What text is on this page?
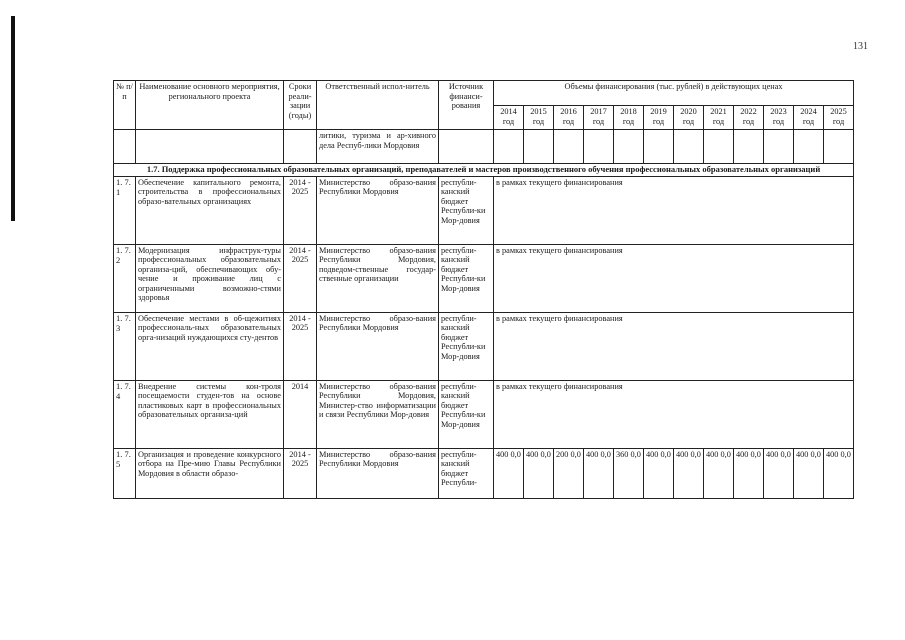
131
№ п/ п	Наименование основного мероприятия, регионального проекта	Сроки реали-зации (годы)	Ответственный испол-нитель	Источник финанси-рования	Объемы финансирования (тыс. рублей) в действующих ценах											
					2014 год	2015 год	2016 год	2017 год	2018 год	2019 год	2020 год	2021 год	2022 год	2023 год	2024 год	2025 год
			литики, туризма и ар-хивного дела Респуб-лики Мордовия													
1.7. Поддержка профессиональных образовательных организаций, преподавателей и мастеров производственного обучения профессиональных образовательных организаций																
1. 7. 1	Обеспечение капитального ремонта, строительства в профессиональных образо-вательных организациях	2014 - 2025	Министерство образо-вания Республики Мордовия	республи-канский бюджет Республи-ки Мор-довия	в рамках текущего финансирования											
1. 7. 2	Модернизация инфраструк-туры профессиональных образовательных организа-ций, обеспечивающих обу-чение и проживание лиц с ограниченными возможно-стями здоровья	2014 - 2025	Министерство образо-вания Республики Мордовия, подведом-ственные государ-ственные организации	республи-канский бюджет Республи-ки Мор-довия	в рамках текущего финансирования											
1. 7. 3	Обеспечение местами в об-щежитиях профессиональ-ных образовательных орга-низаций нуждающихся сту-дентов	2014 - 2025	Министерство образо-вания Республики Мордовия	республи-канский бюджет Республи-ки Мор-довия	в рамках текущего финансирования											
1. 7. 4	Внедрение системы кон-троля посещаемости студен-тов на основе пластиковых карт в профессиональных образовательных организа-ций	2014	Министерство образо-вания Республики Мордовия, Министер-ство информатизации и связи Республики Мор-довия	республи-канский бюджет Республи-ки Мор-довия	в рамках текущего финансирования											
1. 7. 5	Организация и проведение конкурсного отбора на Пре-мию Главы Республики Мордовия в области образо-	2014 - 2025	Министерство образо-вания Республики Мордовия	республи-канский бюджет Республи-	400 0,0	400 0,0	200 0,0	400 0,0	360 0,0	400 0,0	400 0,0	400 0,0	400 0,0	400 0,0	400 0,0	400 0,0
